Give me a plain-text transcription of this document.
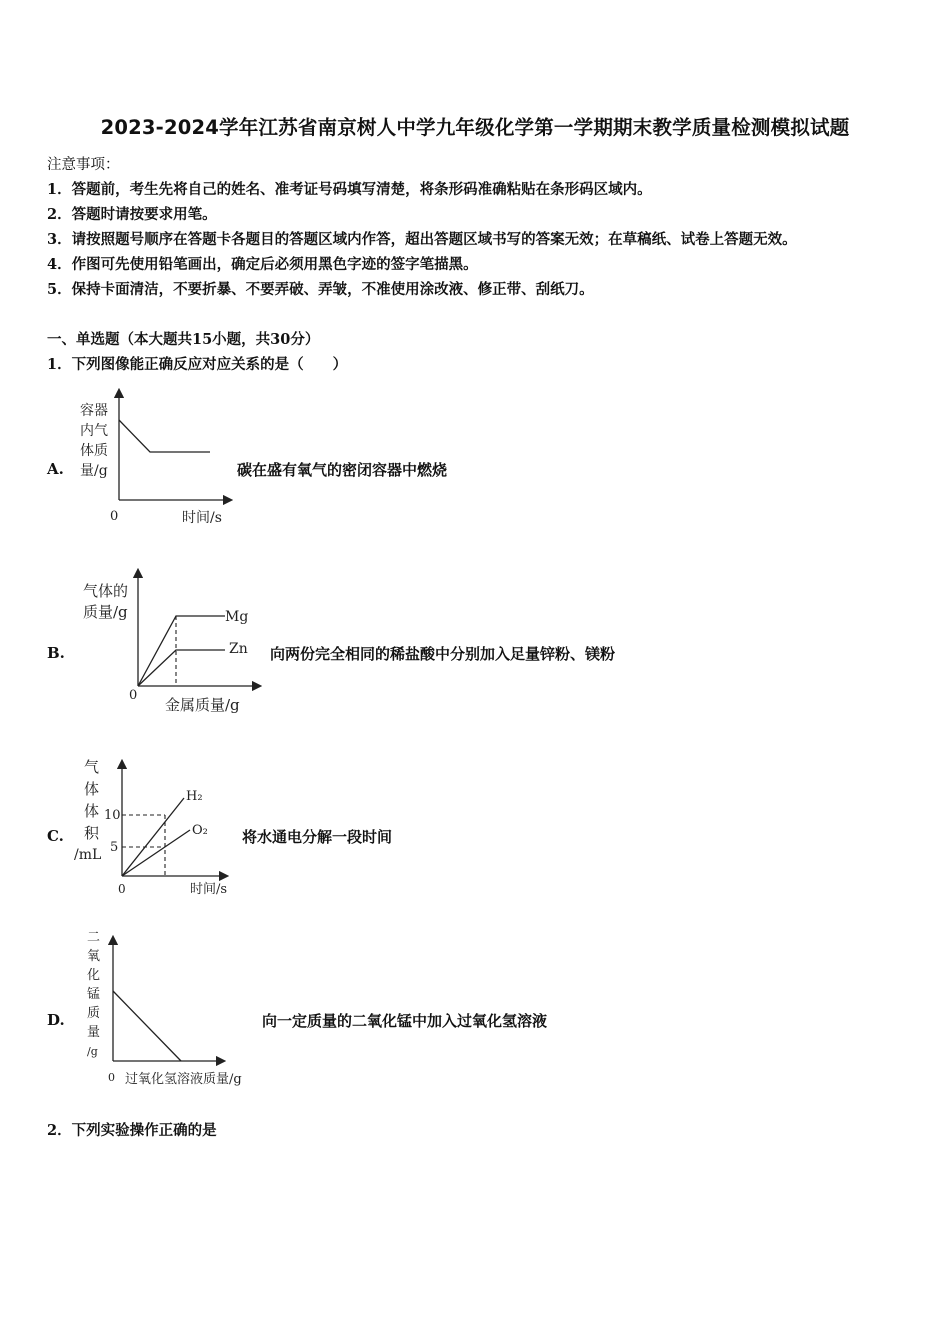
2023-2024学年江苏省南京树人中学九年级化学第一学期期末教学质量检测模拟试题
注意事项：
1．答题前，考生先将自己的姓名、准考证号码填写清楚，将条形码准确粘贴在条形码区域内。
2．答题时请按要求用笔。
3．请按照题号顺序在答题卡各题目的答题区域内作答，超出答题区域书写的答案无效；在草稿纸、试卷上答题无效。
4．作图可先使用铅笔画出，确定后必须用黑色字迹的签字笔描黑。
5．保持卡面清洁，不要折暴、不要弄破、弄皱，不准使用涂改液、修正带、刮纸刀。
一、单选题（本大题共15小题，共30分）
1．下列图像能正确反应对应关系的是（　　）
A.
容器
内气
体质
量/g
0	时间/s
碳在盛有氧气的密闭容器中燃烧
B.
Mg
Zn
气体的
质量/g
0
金属质量/g
向两份完全相同的稀盐酸中分别加入足量锌粉、镁粉
C.
10
5
H₂
O₂
气
体
体
积
/mL
0	时间/s
将水通电分解一段时间
D.
二
氧
化
锰
质
量
/g
0 过氧化氢溶液质量/g
向一定质量的二氧化锰中加入过氧化氢溶液
2．下列实验操作正确的是
